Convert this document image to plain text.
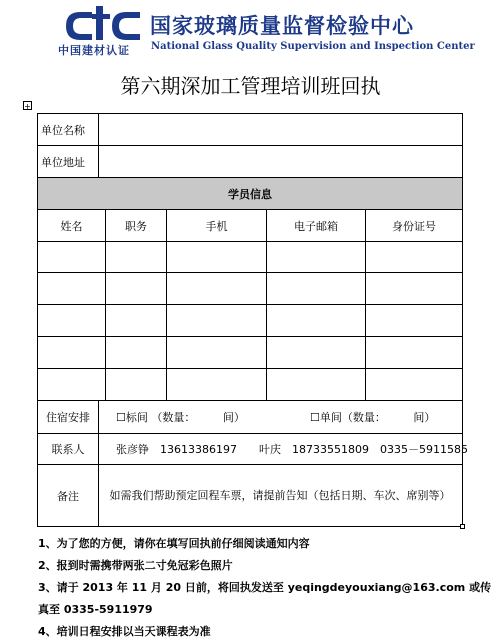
中国建材认证
国家玻璃质量监督检验中心
National Glass Quality Supervision and Inspection Center
第六期深加工管理培训班回执
+
单位名称
单位地址
学员信息
姓名	职务	手机	电子邮箱	身份证号
住宿安排	☐标间 （数量：　　　间）	☐单间（数量：　　　间）
联系人	张彦铮　13613386197　　叶庆　18733551809　0335－5911585
备注	如需我们帮助预定回程车票，请提前告知（包括日期、车次、席别等）
1、为了您的方便，请你在填写回执前仔细阅读通知内容
2、报到时需携带两张二寸免冠彩色照片
3、请于 2013 年 11 月 20 日前，将回执发送至 yeqingdeyouxiang@163.com 或传
真至 0335-5911979
4、培训日程安排以当天课程表为准
